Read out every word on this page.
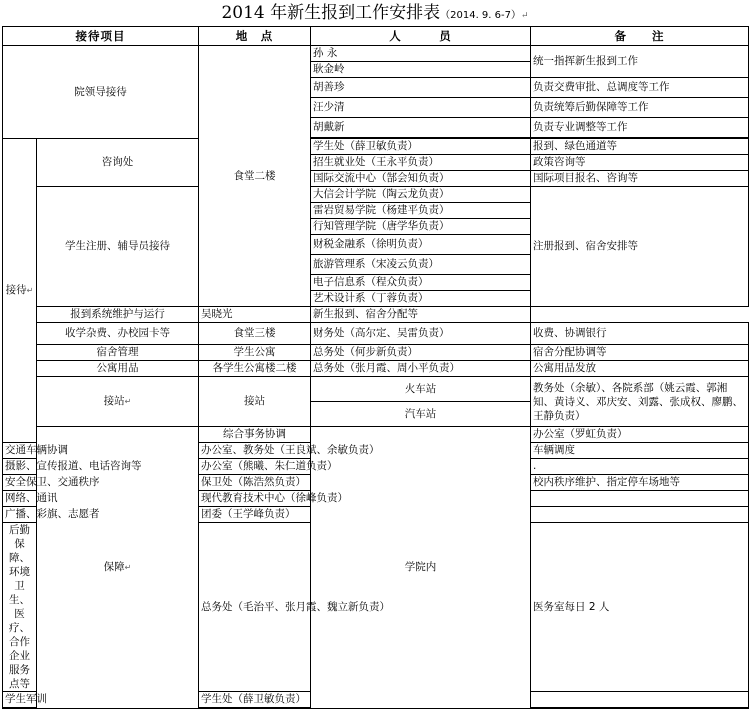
2014 年新生报到工作安排表（2014. 9. 6-7）↵
接待项目		地　点	人　　　员	备　　注	
院领导接待		食堂二楼	孙 永	统一指挥新生报到工作	
			耿金岭		
			胡善珍	负责交费审批、总调度等工作	
			汪少清	负责统筹后勤保障等工作	
			胡戴新	负责专业调整等工作	

接待↵	咨询处		学生处（薛卫敏负责）	报到、绿色通道等	
			招生就业处（王永平负责）	政策咨询等	
			国际交流中心（郜会知负责）	国际项目报名、咨询等	
	学生注册、辅导员接待		大信会计学院（陶云龙负责）	注册报到、宿舍安排等	
			雷岩贸易学院（杨建平负责）		
			行知管理学院（唐学华负责）		
			财税金融系（徐明负责）		
			旅游管理系（宋凌云负责）		
			电子信息系（程众负责）		
			艺术设计系（丁蓉负责）		
	报到系统维护与运行	吴晓光	新生报到、宿舍分配等		
	收学杂费、办校园卡等	食堂三楼	财务处（高尔定、吴雷负责）	收费、协调银行	
	宿舍管理	学生公寓	总务处（何步新负责）	宿舍分配协调等	
	公寓用品	各学生公寓楼二楼	总务处（张月霞、周小平负责）	公寓用品发放	
	接站↵	接站	火车站	教务处（余敏）、各院系部（姚云霞、郭湘知、黄诗义、邓庆安、刘露、张成权、廖鹏、王静负责）	
			汽车站		
	保障↵	综合事务协调	学院内	办公室（罗虹负责）	
交通车辆协调		办公室、教务处（王良斌、余敏负责）		车辆调度	
摄影、宣传报道、电话咨询等		办公室（熊曦、朱仁道负责）		.	
安全保卫、交通秩序		保卫处（陈浩然负责）		校内秩序维护、指定停车场地等	
网络、通讯		现代教育技术中心（徐峰负责）			
广播、彩旗、志愿者		团委（王学峰负责）			
后勤保障、环境卫生、医疗、合作企业服务点等		总务处（毛治平、张月霞、魏立新负责）		医务室每日 2 人	
学生军训		学生处（薛卫敏负责）			
